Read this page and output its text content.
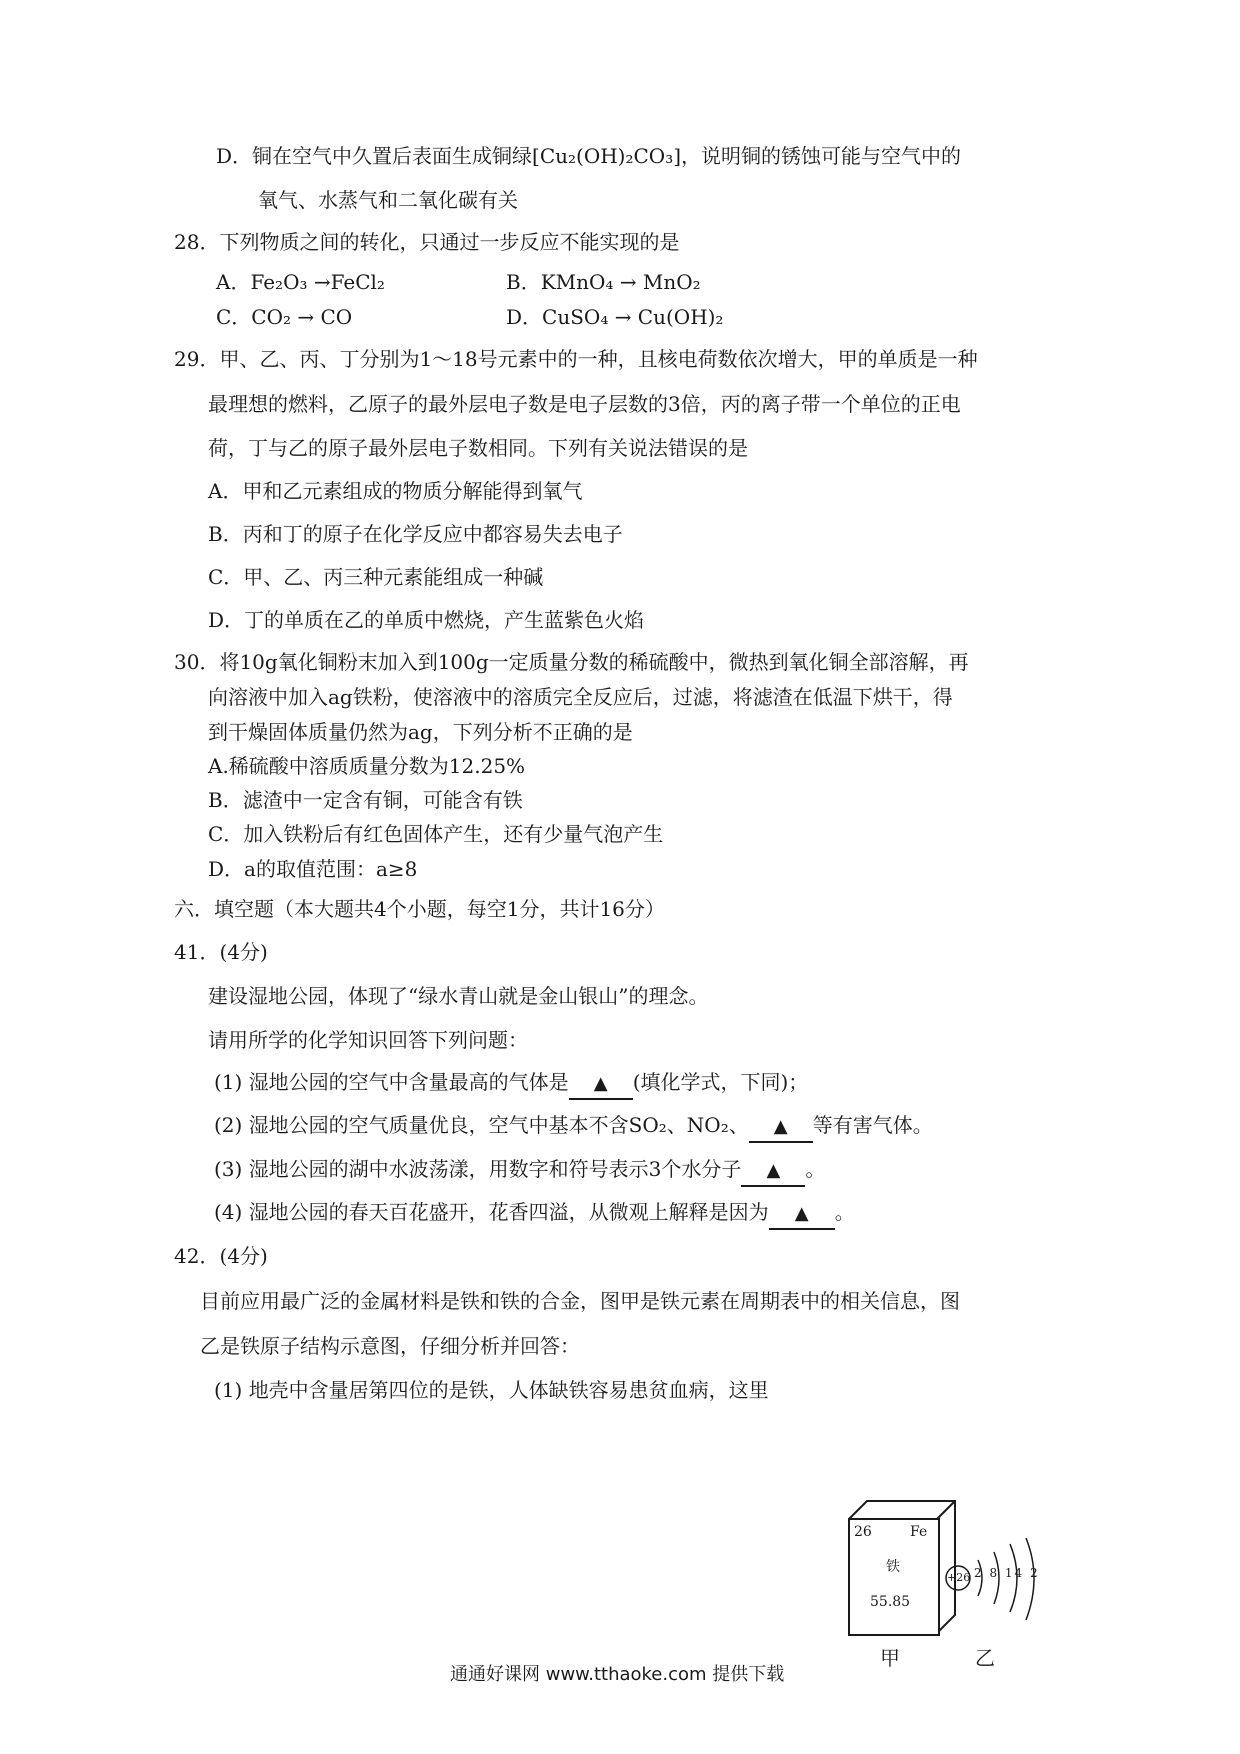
D．铜在空气中久置后表面生成铜绿[Cu₂(OH)₂CO₃]，说明铜的锈蚀可能与空气中的
氧气、水蒸气和二氧化碳有关
28．下列物质之间的转化，只通过一步反应不能实现的是
A．Fe₂O₃ →FeCl₂	B．KMnO₄ → MnO₂
C．CO₂ → CO	D．CuSO₄ → Cu(OH)₂
29．甲、乙、丙、丁分别为1～18号元素中的一种，且核电荷数依次增大，甲的单质是一种
最理想的燃料，乙原子的最外层电子数是电子层数的3倍，丙的离子带一个单位的正电
荷，丁与乙的原子最外层电子数相同。下列有关说法错误的是
A．甲和乙元素组成的物质分解能得到氧气
B．丙和丁的原子在化学反应中都容易失去电子
C．甲、乙、丙三种元素能组成一种碱
D．丁的单质在乙的单质中燃烧，产生蓝紫色火焰
30．将10g氧化铜粉末加入到100g一定质量分数的稀硫酸中，微热到氧化铜全部溶解，再
向溶液中加入ag铁粉，使溶液中的溶质完全反应后，过滤，将滤渣在低温下烘干，得
到干燥固体质量仍然为ag，下列分析不正确的是
A.稀硫酸中溶质质量分数为12.25%
B．滤渣中一定含有铜，可能含有铁
C．加入铁粉后有红色固体产生，还有少量气泡产生
D．a的取值范围：a≥8
六．填空题（本大题共4个小题，每空1分，共计16分）
41．(4分)
建设湿地公园，体现了“绿水青山就是金山银山”的理念。
请用所学的化学知识回答下列问题：
(1) 湿地公园的空气中含量最高的气体是 ▲ (填化学式，下同)；
(2) 湿地公园的空气质量优良，空气中基本不含SO₂、NO₂、 ▲ 等有害气体。
(3) 湿地公园的湖中水波荡漾，用数字和符号表示3个水分子 ▲ 。
(4) 湿地公园的春天百花盛开，花香四溢，从微观上解释是因为 ▲ 。
42．(4分)
目前应用最广泛的金属材料是铁和铁的合金，图甲是铁元素在周期表中的相关信息，图
乙是铁原子结构示意图，仔细分析并回答：
(1) 地壳中含量居第四位的是铁，人体缺铁容易患贫血病，这里
26	Fe
铁
55.85
甲
+26 2 8 14 2
乙
通通好课网 www.tthaoke.com 提供下载
